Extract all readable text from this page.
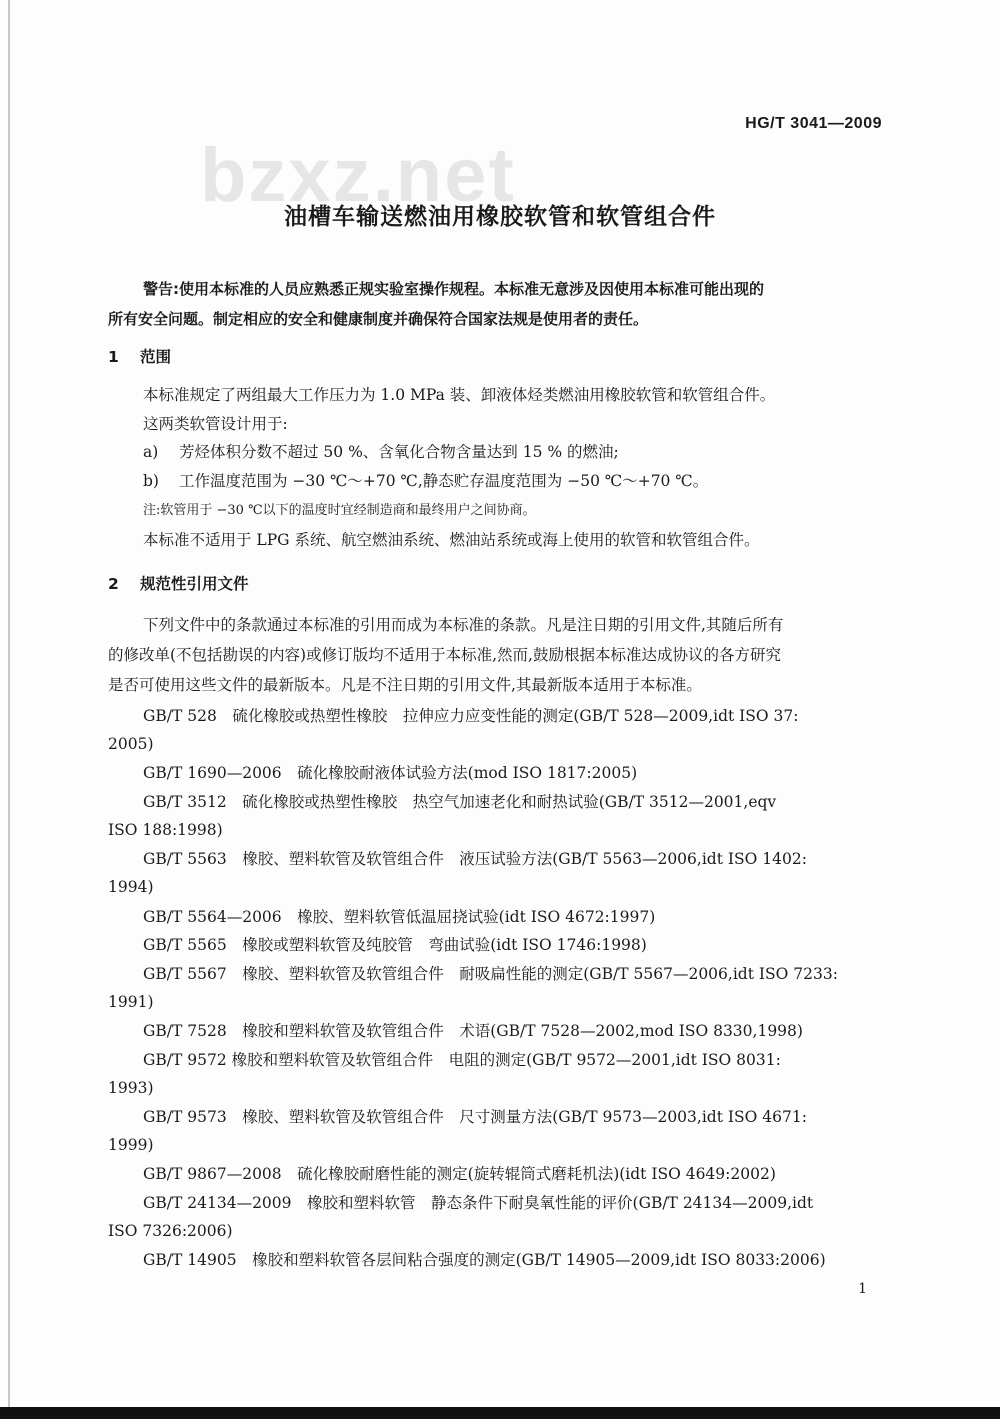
HG/T 3041—2009
bzxz.net
油槽车输送燃油用橡胶软管和软管组合件
警告:使用本标准的人员应熟悉正规实验室操作规程。本标准无意涉及因使用本标准可能出现的
所有安全问题。制定相应的安全和健康制度并确保符合国家法规是使用者的责任。
1 范围
本标准规定了两组最大工作压力为 1.0 MPa 装、卸液体烃类燃油用橡胶软管和软管组合件。
这两类软管设计用于:
a) 芳烃体积分数不超过 50 %、含氧化合物含量达到 15 % 的燃油;
b) 工作温度范围为 −30 ℃～+70 ℃,静态贮存温度范围为 −50 ℃～+70 ℃。
注:软管用于 −30 ℃以下的温度时宜经制造商和最终用户之间协商。
本标准不适用于 LPG 系统、航空燃油系统、燃油站系统或海上使用的软管和软管组合件。
2 规范性引用文件
下列文件中的条款通过本标准的引用而成为本标准的条款。凡是注日期的引用文件,其随后所有
的修改单(不包括勘误的内容)或修订版均不适用于本标准,然而,鼓励根据本标准达成协议的各方研究
是否可使用这些文件的最新版本。凡是不注日期的引用文件,其最新版本适用于本标准。
GB/T 528　硫化橡胶或热塑性橡胶　拉伸应力应变性能的测定(GB/T 528—2009,idt ISO 37:
2005)
GB/T 1690—2006　硫化橡胶耐液体试验方法(mod ISO 1817:2005)
GB/T 3512　硫化橡胶或热塑性橡胶　热空气加速老化和耐热试验(GB/T 3512—2001,eqv
ISO 188:1998)
GB/T 5563　橡胶、塑料软管及软管组合件　液压试验方法(GB/T 5563—2006,idt ISO 1402:
1994)
GB/T 5564—2006　橡胶、塑料软管低温屈挠试验(idt ISO 4672:1997)
GB/T 5565　橡胶或塑料软管及纯胶管　弯曲试验(idt ISO 1746:1998)
GB/T 5567　橡胶、塑料软管及软管组合件　耐吸扁性能的测定(GB/T 5567—2006,idt ISO 7233:
1991)
GB/T 7528　橡胶和塑料软管及软管组合件　术语(GB/T 7528—2002,mod ISO 8330,1998)
GB/T 9572 橡胶和塑料软管及软管组合件　电阻的测定(GB/T 9572—2001,idt ISO 8031:
1993)
GB/T 9573　橡胶、塑料软管及软管组合件　尺寸测量方法(GB/T 9573—2003,idt ISO 4671:
1999)
GB/T 9867—2008　硫化橡胶耐磨性能的测定(旋转辊筒式磨耗机法)(idt ISO 4649:2002)
GB/T 24134—2009　橡胶和塑料软管　静态条件下耐臭氧性能的评价(GB/T 24134—2009,idt
ISO 7326:2006)
GB/T 14905　橡胶和塑料软管各层间粘合强度的测定(GB/T 14905—2009,idt ISO 8033:2006)
1
